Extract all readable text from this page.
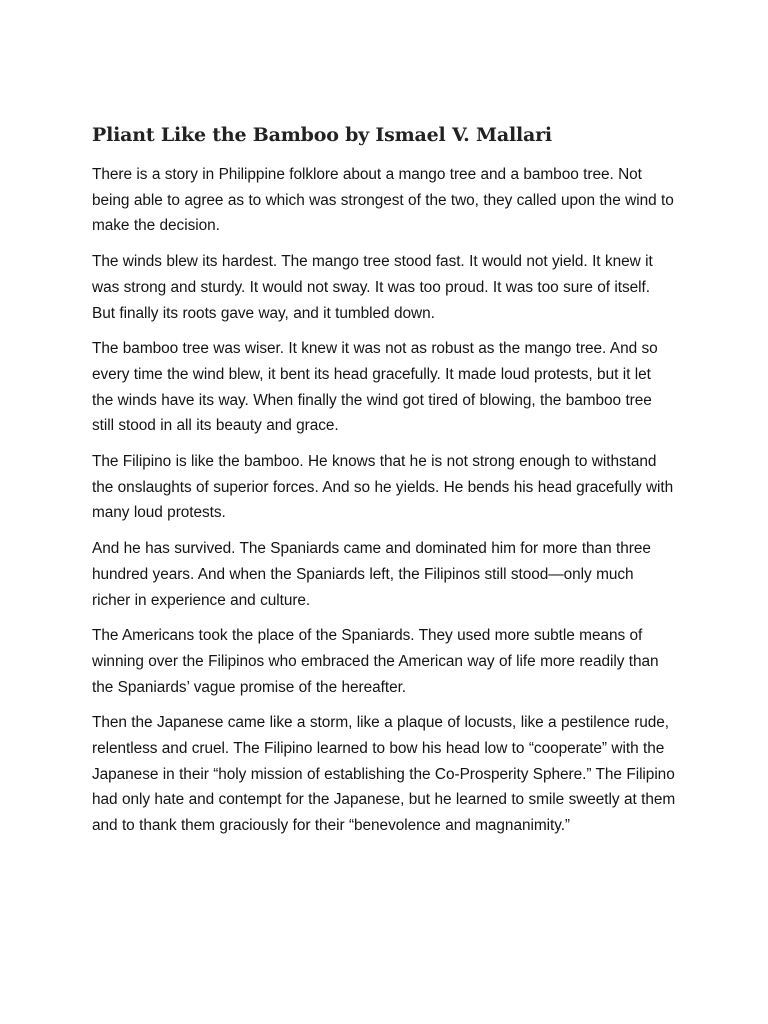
Pliant Like the Bamboo by Ismael V. Mallari

There is a story in Philippine folklore about a mango tree and a bamboo tree. Not being able to agree as to which was strongest of the two, they called upon the wind to make the decision.

The winds blew its hardest. The mango tree stood fast. It would not yield. It knew it was strong and sturdy. It would not sway. It was too proud. It was too sure of itself. But finally its roots gave way, and it tumbled down.

The bamboo tree was wiser. It knew it was not as robust as the mango tree. And so every time the wind blew, it bent its head gracefully. It made loud protests, but it let the winds have its way. When finally the wind got tired of blowing, the bamboo tree still stood in all its beauty and grace.

The Filipino is like the bamboo. He knows that he is not strong enough to withstand the onslaughts of superior forces. And so he yields. He bends his head gracefully with many loud protests.

And he has survived. The Spaniards came and dominated him for more than three hundred years. And when the Spaniards left, the Filipinos still stood—only much richer in experience and culture.

The Americans took the place of the Spaniards. They used more subtle means of winning over the Filipinos who embraced the American way of life more readily than the Spaniards’ vague promise of the hereafter.

Then the Japanese came like a storm, like a plaque of locusts, like a pestilence rude, relentless and cruel. The Filipino learned to bow his head low to “cooperate” with the Japanese in their “holy mission of establishing the Co-Prosperity Sphere.” The Filipino had only hate and contempt for the Japanese, but he learned to smile sweetly at them and to thank them graciously for their “benevolence and magnanimity.”
